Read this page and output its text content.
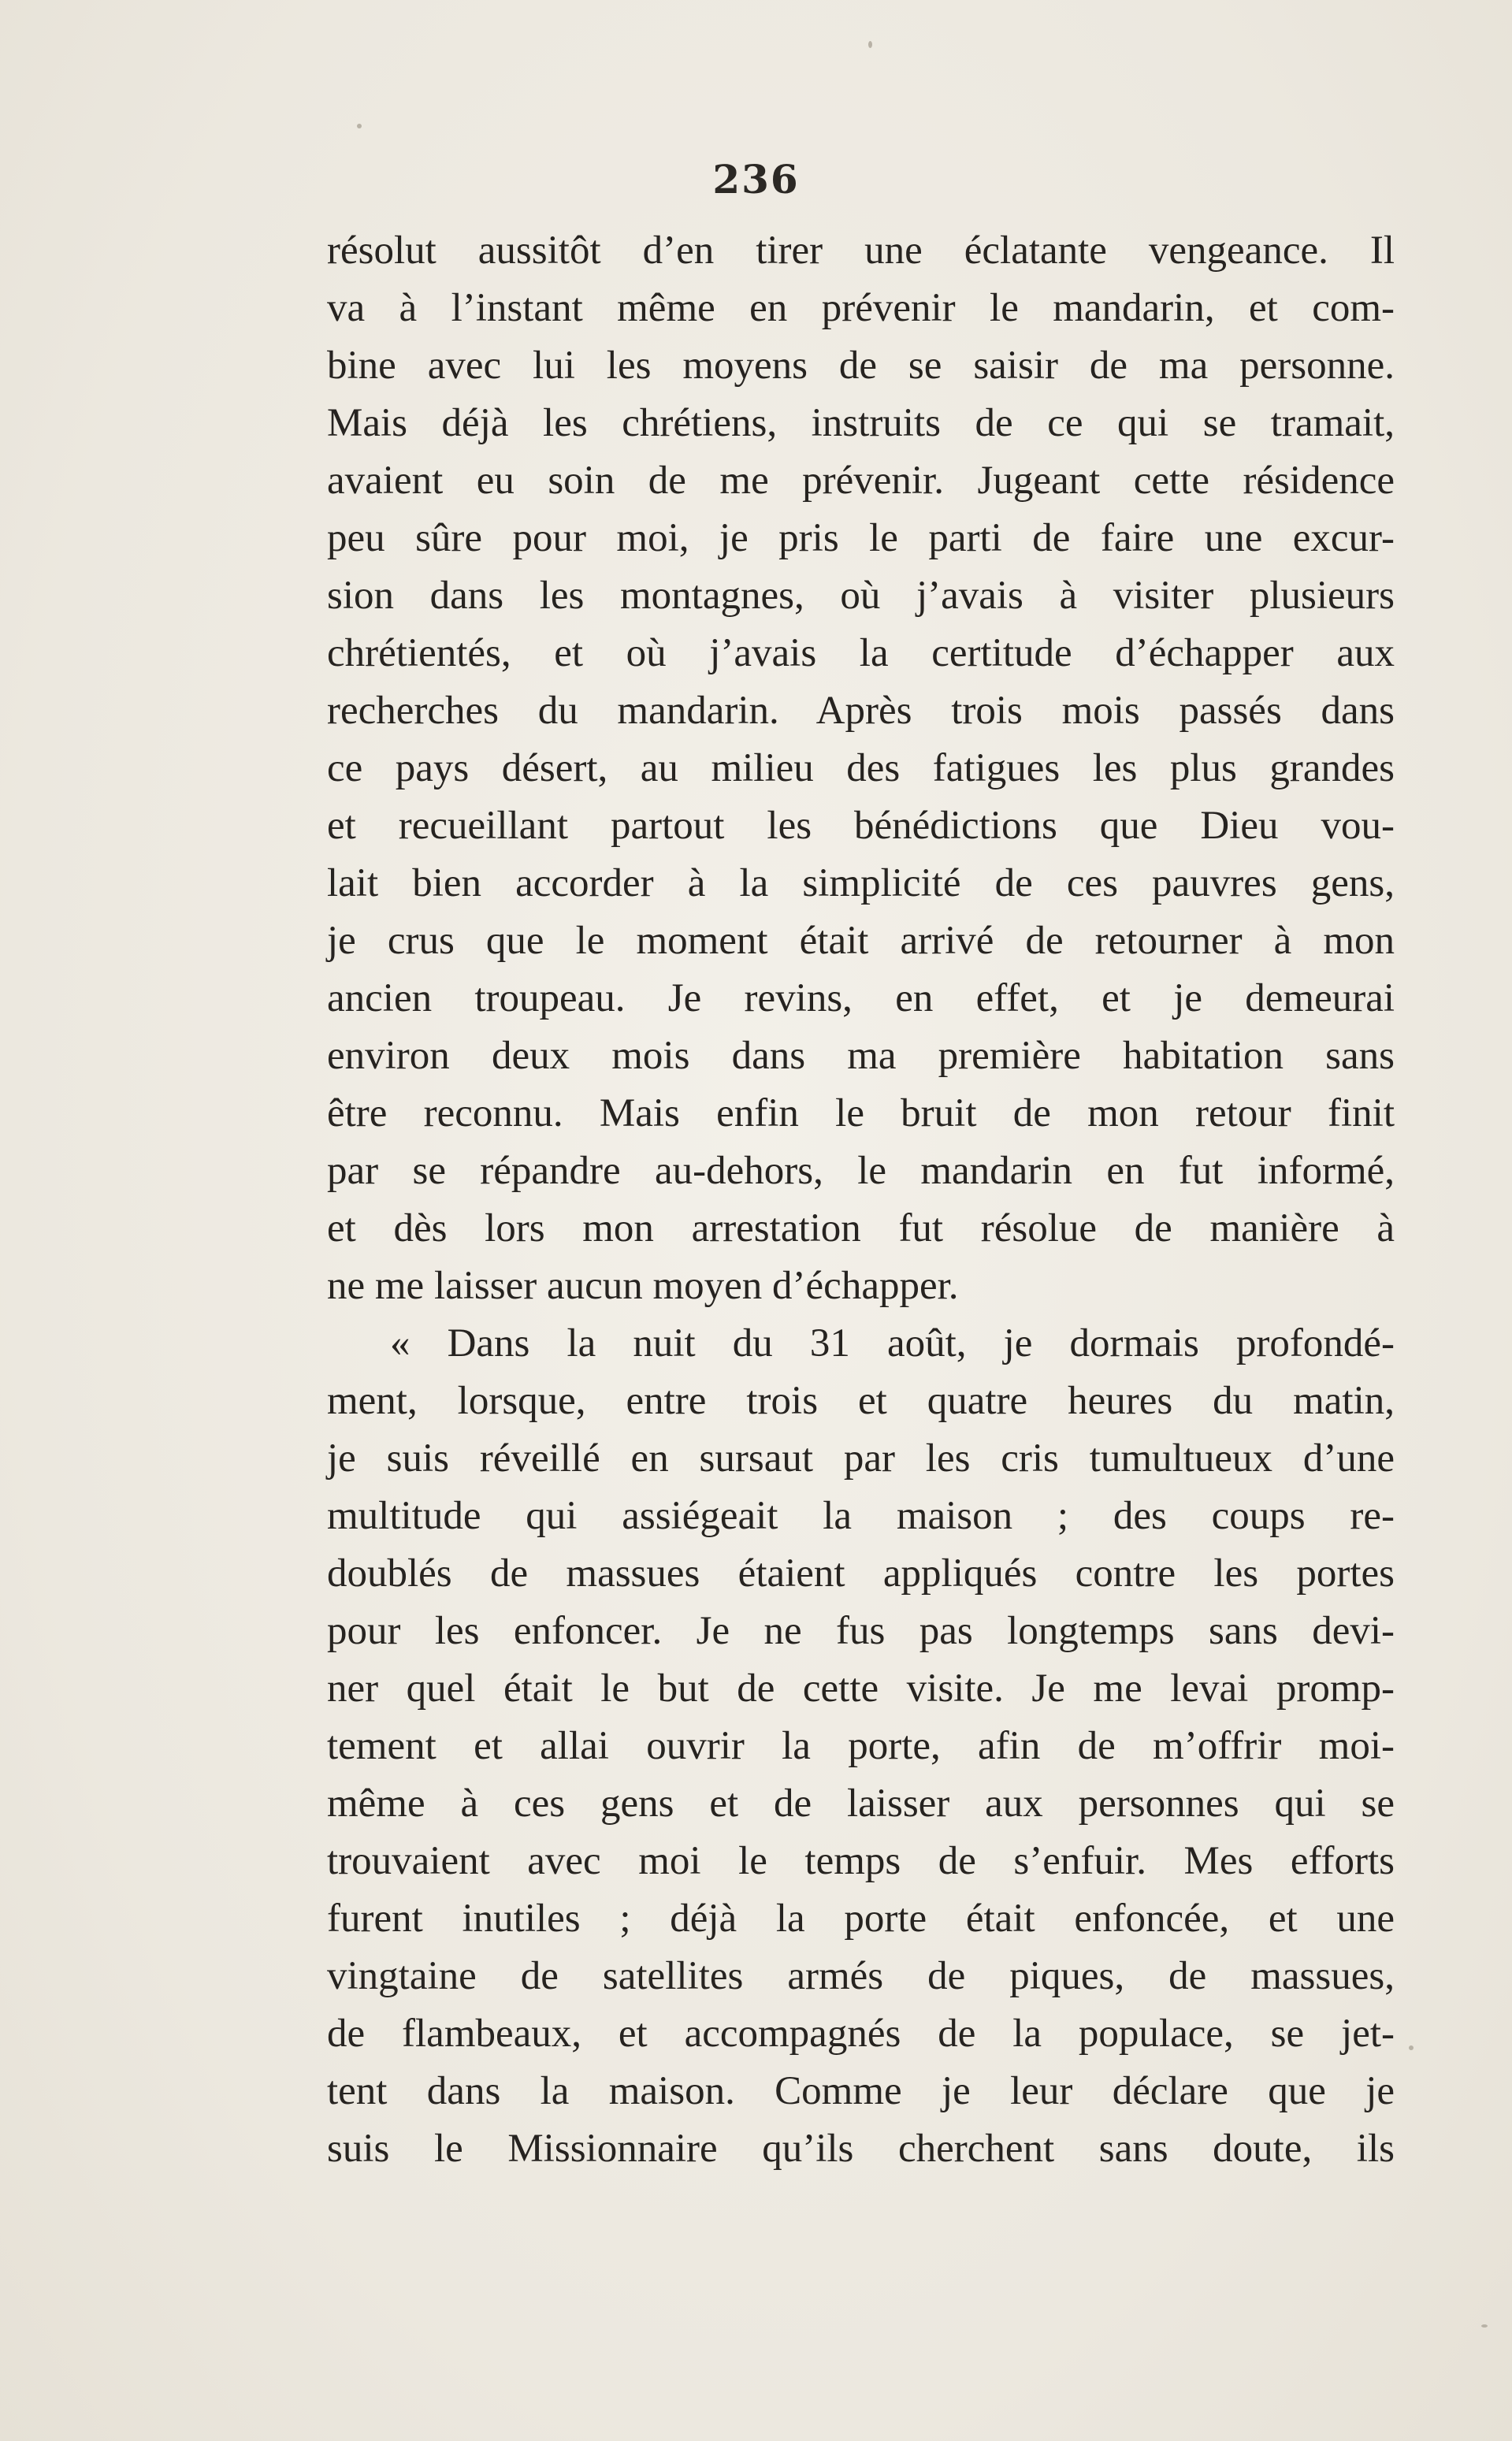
236
résolut aussitôt d’en tirer une éclatante vengeance. Il
va à l’instant même en prévenir le mandarin, et com-
bine avec lui les moyens de se saisir de ma personne.
Mais déjà les chrétiens, instruits de ce qui se tramait,
avaient eu soin de me prévenir. Jugeant cette résidence
peu sûre pour moi, je pris le parti de faire une excur-
sion dans les montagnes, où j’avais à visiter plusieurs
chrétientés, et où j’avais la certitude d’échapper aux
recherches du mandarin. Après trois mois passés dans
ce pays désert, au milieu des fatigues les plus grandes
et recueillant partout les bénédictions que Dieu vou-
lait bien accorder à la simplicité de ces pauvres gens,
je crus que le moment était arrivé de retourner à mon
ancien troupeau. Je revins, en effet, et je demeurai
environ deux mois dans ma première habitation sans
être reconnu. Mais enfin le bruit de mon retour finit
par se répandre au-dehors, le mandarin en fut informé,
et dès lors mon arrestation fut résolue de manière à
ne me laisser aucun moyen d’échapper.
« Dans la nuit du 31 août, je dormais profondé-
ment, lorsque, entre trois et quatre heures du matin,
je suis réveillé en sursaut par les cris tumultueux d’une
multitude qui assiégeait la maison ; des coups re-
doublés de massues étaient appliqués contre les portes
pour les enfoncer. Je ne fus pas longtemps sans devi-
ner quel était le but de cette visite. Je me levai promp-
tement et allai ouvrir la porte, afin de m’offrir moi-
même à ces gens et de laisser aux personnes qui se
trouvaient avec moi le temps de s’enfuir. Mes efforts
furent inutiles ; déjà la porte était enfoncée, et une
vingtaine de satellites armés de piques, de massues,
de flambeaux, et accompagnés de la populace, se jet-
tent dans la maison. Comme je leur déclare que je
suis le Missionnaire qu’ils cherchent sans doute, ils
